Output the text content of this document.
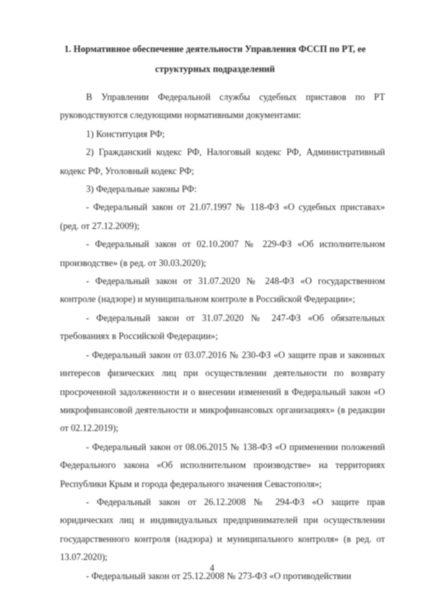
1. Нормативное обеспечение деятельности Управления ФССП по РТ, ее структурных подразделений

В Управлении Федеральной службы судебных приставов по РТ руководствуются следующими нормативными документами:

1) Конституция РФ;

2) Гражданский кодекс РФ, Налоговый кодекс РФ, Административный кодекс РФ, Уголовный кодекс РФ;

3) Федеральные законы РФ:

- Федеральный закон от 21.07.1997 № 118-ФЗ «О судебных приставах» (ред. от 27.12.2009);

- Федеральный закон от 02.10.2007 № 229-ФЗ «Об исполнительном производстве» (в ред. от 30.03.2020);

- Федеральный закон от 31.07.2020 № 248-ФЗ «О государственном контроле (надзоре) и муниципальном контроле в Российской Федерации»;

- Федеральный закон от 31.07.2020 № 247-ФЗ «Об обязательных требованиях в Российской Федерации»;

- Федеральный закон от 03.07.2016 № 230-ФЗ «О защите прав и законных интересов физических лиц при осуществлении деятельности по возврату просроченной задолженности и о внесении изменений в Федеральный закон «О микрофинансовой деятельности и микрофинансовых организациях» (в редакции от 02.12.2019);

- Федеральный закон от 08.06.2015 № 138-ФЗ «О применении положений Федерального закона «Об исполнительном производстве» на территориях Республики Крым и города федерального значения Севастополя»;

- Федеральный закон от 26.12.2008 № 294-ФЗ «О защите прав юридических лиц и индивидуальных предпринимателей при осуществлении государственного контроля (надзора) и муниципального контроля» (в ред. от 13.07.2020);

- Федеральный закон от 25.12.2008 № 273-ФЗ «О противодействии

4
